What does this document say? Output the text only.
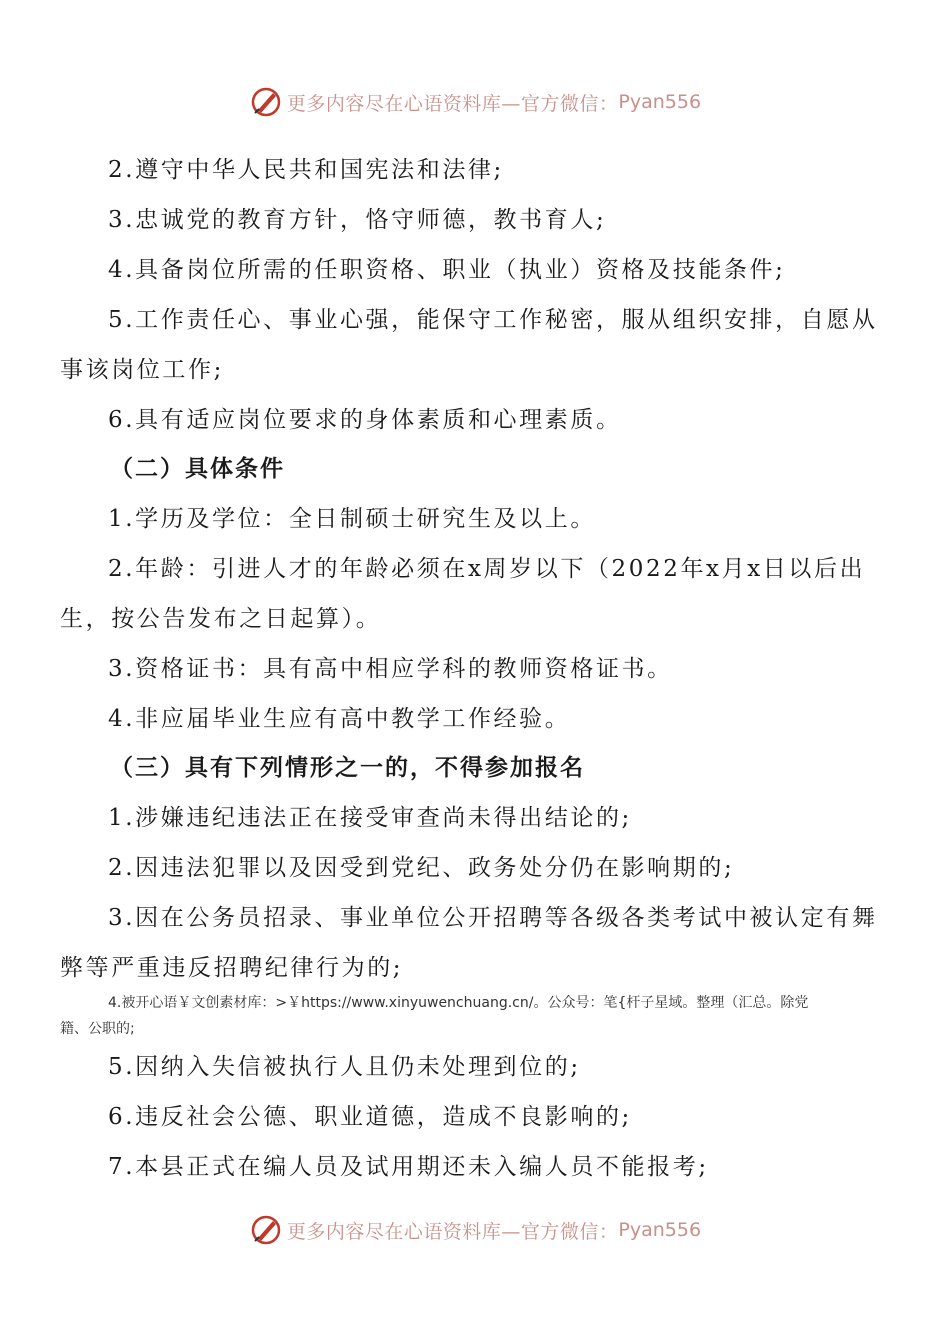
更多内容尽在心语资料库—官方微信： Pyan556
2.遵守中华人民共和国宪法和法律;
3.忠诚党的教育方针，恪守师德，教书育人;
4.具备岗位所需的任职资格、职业（执业）资格及技能条件;
5.工作责任心、事业心强，能保守工作秘密，服从组织安排，自愿从
事该岗位工作;
6.具有适应岗位要求的身体素质和心理素质。
（二）具体条件
1.学历及学位：全日制硕士研究生及以上。
2.年龄：引进人才的年龄必须在x周岁以下（2022年x月x日以后出
生，按公告发布之日起算）。
3.资格证书：具有高中相应学科的教师资格证书。
4.非应届毕业生应有高中教学工作经验。
（三）具有下列情形之一的，不得参加报名
1.涉嫌违纪违法正在接受审查尚未得出结论的;
2.因违法犯罪以及因受到党纪、政务处分仍在影响期的;
3.因在公务员招录、事业单位公开招聘等各级各类考试中被认定有舞
弊等严重违反招聘纪律行为的;
4.被开心语￥文创素材库：>￥https://www.xinyuwenchuang.cn/。公众号：笔{杆子星域。整理（汇总。除党
籍、公职的;
5.因纳入失信被执行人且仍未处理到位的;
6.违反社会公德、职业道德，造成不良影响的;
7.本县正式在编人员及试用期还未入编人员不能报考;
更多内容尽在心语资料库—官方微信： Pyan556
